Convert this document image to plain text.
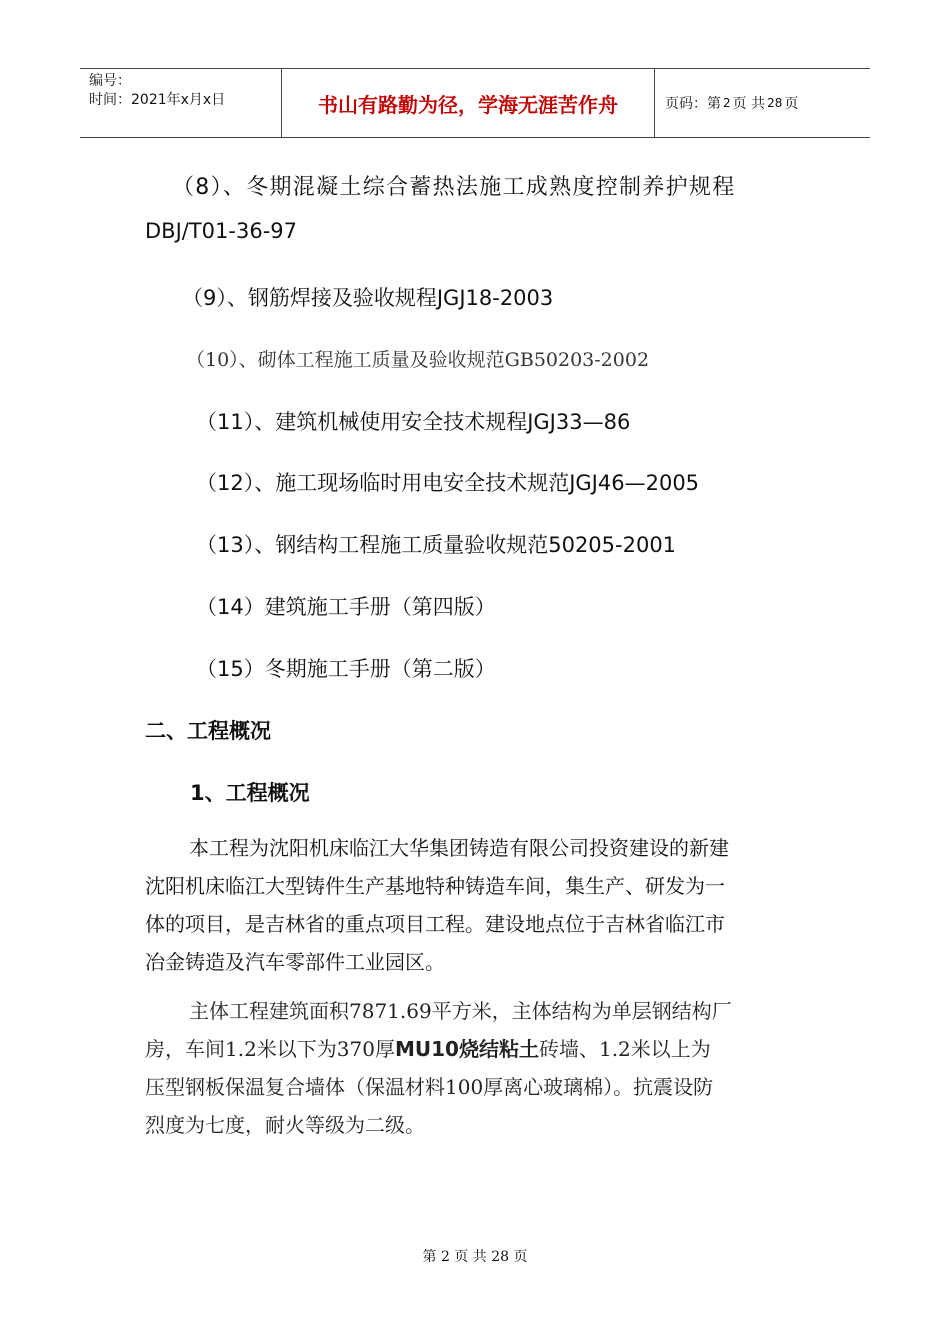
编号：
时间：2021年x月x日	书山有路勤为径，学海无涯苦作舟	页码：第 2 页 共 28 页
（8）、冬期混凝土综合蓄热法施工成熟度控制养护规程
DBJ/T01-36-97
（9）、钢筋焊接及验收规程JGJ18-2003
（10）、砌体工程施工质量及验收规范GB50203-2002
（11）、建筑机械使用安全技术规程JGJ33—86
（12）、施工现场临时用电安全技术规范JGJ46—2005
（13）、钢结构工程施工质量验收规范50205-2001
（14）建筑施工手册（第四版）
（15）冬期施工手册（第二版）
二、工程概况
1、工程概况
本工程为沈阳机床临江大华集团铸造有限公司投资建设的新建
沈阳机床临江大型铸件生产基地特种铸造车间，集生产、研发为一
体的项目，是吉林省的重点项目工程。建设地点位于吉林省临江市
冶金铸造及汽车零部件工业园区。
主体工程建筑面积7871.69平方米，主体结构为单层钢结构厂
房，车间1.2米以下为370厚MU10烧结粘土砖墙、1.2米以上为
压型钢板保温复合墙体（保温材料100厚离心玻璃棉）。抗震设防
烈度为七度，耐火等级为二级。
第 2 页 共 28 页
